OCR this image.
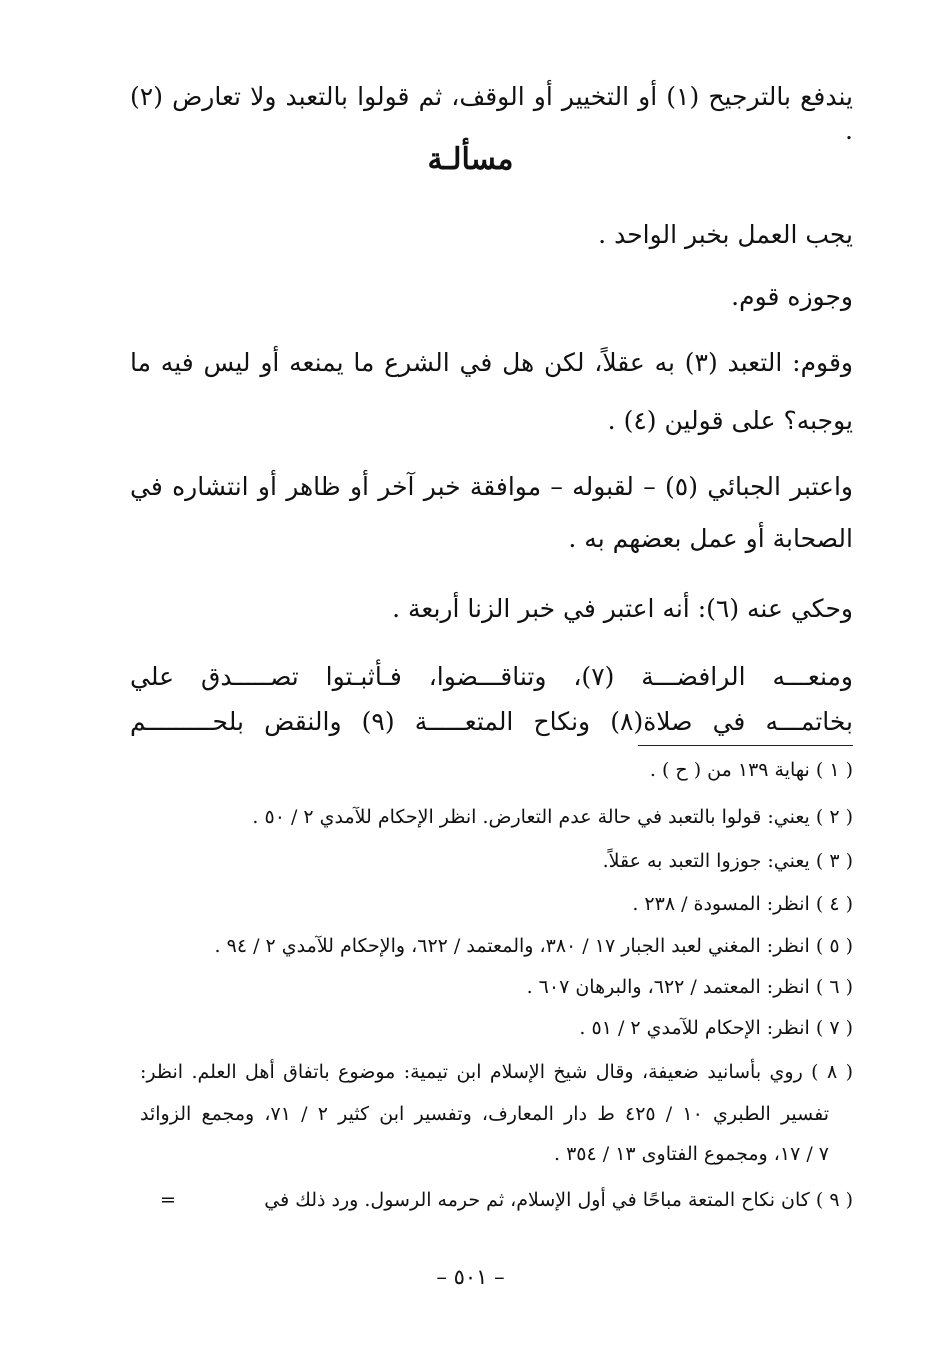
يندفع بالترجيح (١) أو التخيير أو الوقف، ثم قولوا بالتعبد ولا تعارض (٢) .
مسألـة
يجب العمل بخبر الواحد .
وجوزه قوم.
وقوم: التعبد (٣) به عقلاً، لكن هل في الشرع ما يمنعه أو ليس فيه ما
يوجبه؟ على قولين (٤) .
واعتبر الجبائي (٥) – لقبوله – موافقة خبر آخر أو ظاهر أو انتشاره في
الصحابة أو عمل بعضهم به .
وحكي عنه (٦): أنه اعتبر في خبر الزنا أربعة .
ومنعـــه الرافضـــة (٧)، وتناقـــضوا، فـأثبـتوا تصـــــدق علي
بخاتمـــه في صلاة(٨) ونكاح المتعـــــة (٩) والنقض بلحـــــــــم
( ١ ) نهاية ١٣٩ من ( ح ) .
( ٢ ) يعني: قولوا بالتعبد في حالة عدم التعارض. انظر الإحكام للآمدي ٢ / ٥٠ .
( ٣ ) يعني: جوزوا التعبد به عقلاً.
( ٤ ) انظر: المسودة / ٢٣٨ .
( ٥ ) انظر: المغني لعبد الجبار ١٧ / ٣٨٠، والمعتمد / ٦٢٢، والإحكام للآمدي ٢ / ٩٤ .
( ٦ ) انظر: المعتمد / ٦٢٢، والبرهان ٦٠٧ .
( ٧ ) انظر: الإحكام للآمدي ٢ / ٥١ .
( ٨ ) روي بأسانيد ضعيفة، وقال شيخ الإسلام ابن تيمية: موضوع باتفاق أهل العلم. انظر:
تفسير الطبري ١٠ / ٤٢٥ ط دار المعارف، وتفسير ابن كثير ٢ / ٧١، ومجمع الزوائد
٧ / ١٧، ومجموع الفتاوى ١٣ / ٣٥٤ .
( ٩ ) كان نكاح المتعة مباحًا في أول الإسلام، ثم حرمه الرسول. ورد ذلك في
=
– ٥٠١ –
